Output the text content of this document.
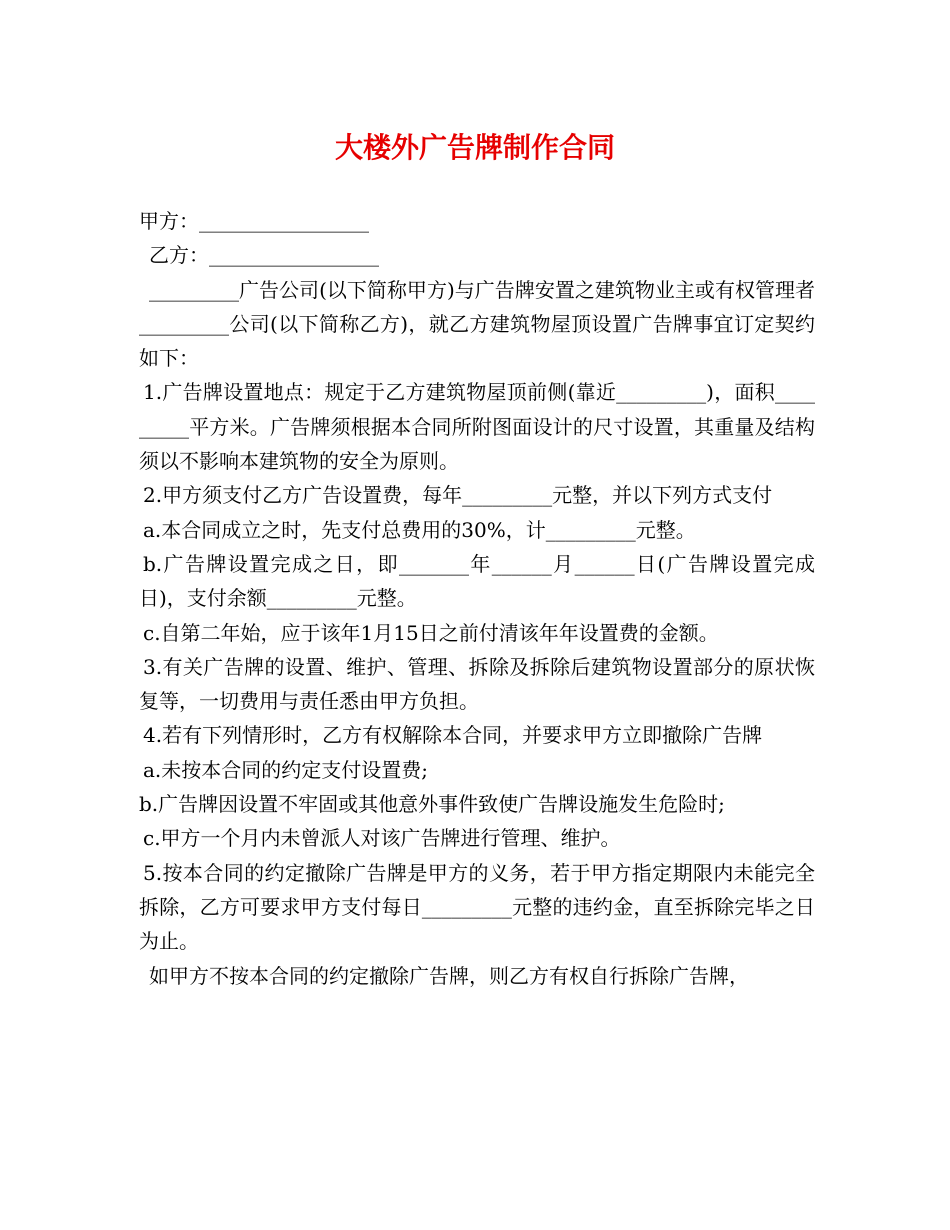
大楼外广告牌制作合同

甲方：_________________

乙方：_________________

_________广告公司(以下简称甲方)与广告牌安置之建筑物业主或有权管理者_________公司(以下简称乙方)，就乙方建筑物屋顶设置广告牌事宜订定契约如下：

1.广告牌设置地点：规定于乙方建筑物屋顶前侧(靠近_________)，面积_________平方米。广告牌须根据本合同所附图面设计的尺寸设置，其重量及结构须以不影响本建筑物的安全为原则。

2.甲方须支付乙方广告设置费，每年_________元整，并以下列方式支付

a.本合同成立之时，先支付总费用的30%，计_________元整。

b.广告牌设置完成之日，即_______年______月______日(广告牌设置完成日)，支付余额_________元整。

c.自第二年始，应于该年1月15日之前付清该年年设置费的金额。

3.有关广告牌的设置、维护、管理、拆除及拆除后建筑物设置部分的原状恢复等，一切费用与责任悉由甲方负担。

4.若有下列情形时，乙方有权解除本合同，并要求甲方立即撤除广告牌

a.未按本合同的约定支付设置费;

b.广告牌因设置不牢固或其他意外事件致使广告牌设施发生危险时;

c.甲方一个月内未曾派人对该广告牌进行管理、维护。

5.按本合同的约定撤除广告牌是甲方的义务，若于甲方指定期限内未能完全拆除，乙方可要求甲方支付每日_________元整的违约金，直至拆除完毕之日为止。

如甲方不按本合同的约定撤除广告牌，则乙方有权自行拆除广告牌，
